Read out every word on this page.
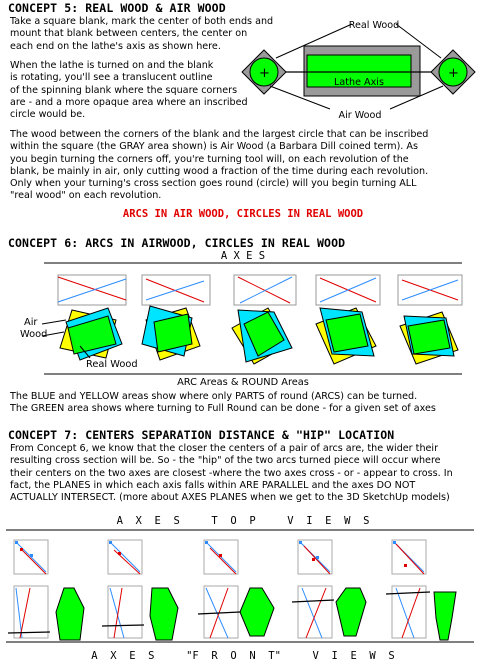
CONCEPT 5: REAL WOOD & AIR WOOD
Take a square blank, mark the center of both ends and
mount that blank between centers, the center on
each end on the lathe's axis as shown here.
When the lathe is turned on and the blank
is rotating, you'll see a translucent outline
of the spinning blank where the square corners
are - and a more opaque area where an inscribed
circle would be.
+	+
Real Wood
Lathe Axis
Air Wood
The wood between the corners of the blank and the largest circle that can be inscribed
within the square (the GRAY area shown) is Air Wood (a Barbara Dill coined term). As
you begin turning the corners off, you're turning tool will, on each revolution of the
blank, be mainly in air, only cutting wood a fraction of the time during each revolution.
Only when your turning's cross section goes round (circle) will you begin turning ALL
"real wood" on each revolution.
ARCS IN AIR WOOD, CIRCLES IN REAL WOOD
CONCEPT 6: ARCS IN AIRWOOD, CIRCLES IN REAL WOOD
A X E S
Air
Wood
Real Wood
ARC Areas & ROUND Areas
The BLUE and YELLOW areas show where only PARTS of round (ARCS) can be turned.
The GREEN area shows where turning to Full Round can be done - for a given set of axes
CONCEPT 7: CENTERS SEPARATION DISTANCE & "HIP" LOCATION
From Concept 6, we know that the closer the centers of a pair of arcs are, the wider their
resulting cross section will be. So - the "hip" of the two arcs turned piece will occur where
their centers on the two axes are closest -where the two axes cross - or - appear to cross. In
fact, the PLANES in which each axis falls within ARE PARALLEL and the axes DO NOT
ACTUALLY INTERSECT. (more about AXES PLANES when we get to the 3D SketchUp models)
A  X  E  S     T  O  P     V  I  E  W  S
A  X  E  S     "F  R  O  N  T"     V  I  E  W  S
